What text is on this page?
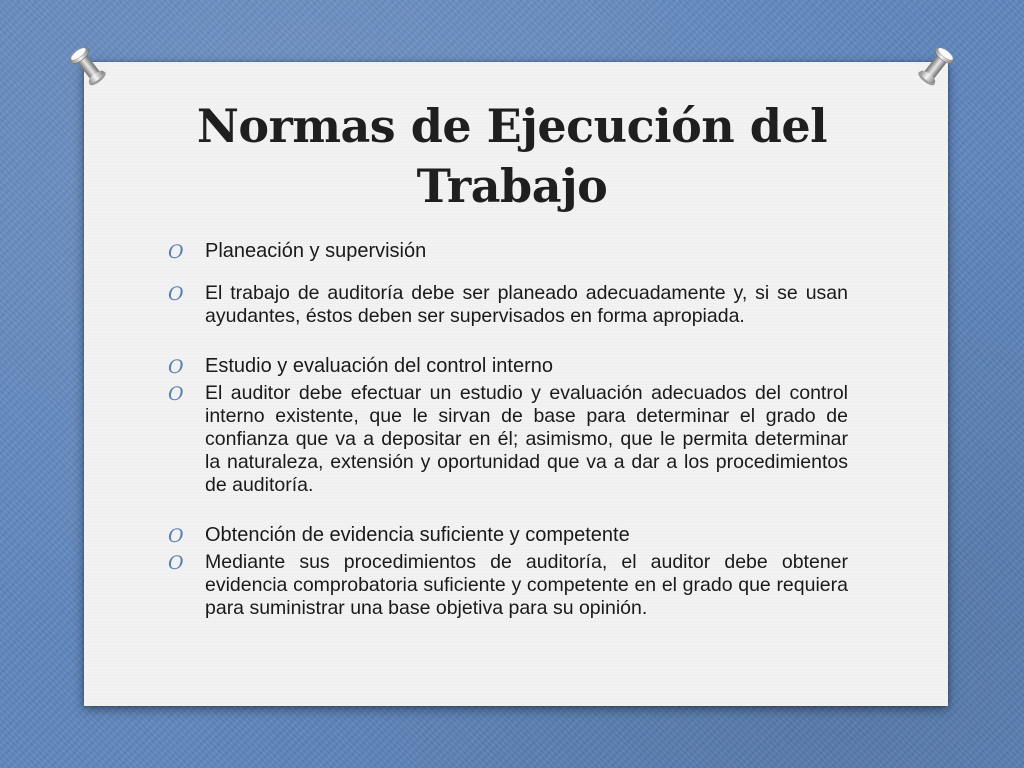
Normas de Ejecución del
Trabajo
O Planeación y supervisión
O El trabajo de auditoría debe ser planeado adecuadamente y, si se usan ayudantes, éstos deben ser supervisados en forma apropiada.
O Estudio y evaluación del control interno
O El auditor debe efectuar un estudio y evaluación adecuados del control interno existente, que le sirvan de base para determinar el grado de confianza que va a depositar en él; asimismo, que le permita determinar la naturaleza, extensión y oportunidad que va a dar a los procedimientos de auditoría.
O Obtención de evidencia suficiente y competente
O Mediante sus procedimientos de auditoría, el auditor debe obtener evidencia comprobatoria suficiente y competente en el grado que requiera para suministrar una base objetiva para su opinión.
